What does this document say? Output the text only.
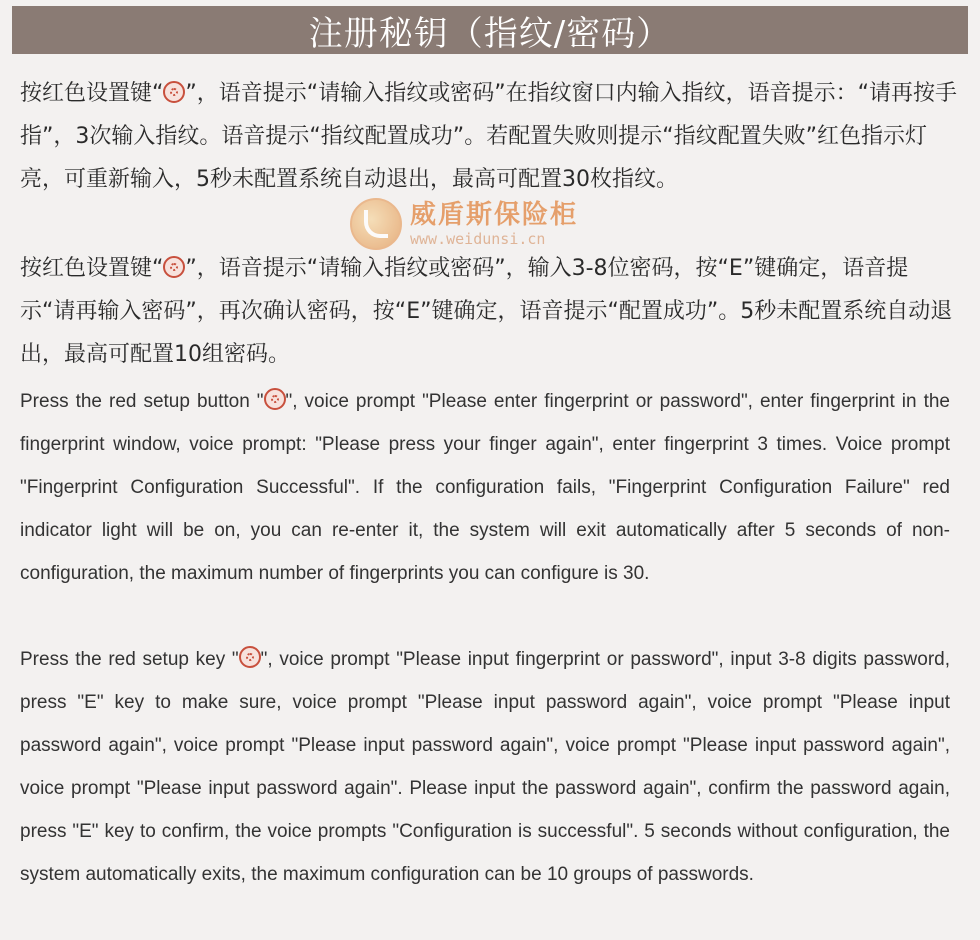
注册秘钥（指纹/密码）
按红色设置键“ ”，语音提示“请输入指纹或密码”在指纹窗口内输入指纹，语音提示：“请再按手指”，3次输入指纹。语音提示“指纹配置成功”。若配置失败则提示“指纹配置失败”红色指示灯亮，可重新输入，5秒未配置系统自动退出，最高可配置30枚指纹。
威盾斯保险柜
www.weidunsi.cn
按红色设置键“ ”，语音提示“请输入指纹或密码”，输入3-8位密码，按“E”键确定，语音提示“请再输入密码”，再次确认密码，按“E”键确定，语音提示“配置成功”。5秒未配置系统自动退出，最高可配置10组密码。
Press the red setup button " ", voice prompt "Please enter fingerprint or password", enter fingerprint in the fingerprint window, voice prompt: "Please press your finger again", enter fingerprint 3 times. Voice prompt "Fingerprint Configuration Successful". If the configuration fails, "Fingerprint Configuration Failure" red indicator light will be on, you can re-enter it, the system will exit automatically after 5 seconds of non-configuration, the maximum number of fingerprints you can configure is 30.
Press the red setup key " ", voice prompt "Please input fingerprint or password", input 3-8 digits password, press "E" key to make sure, voice prompt "Please input password again", voice prompt "Please input password again", voice prompt "Please input password again", voice prompt "Please input password again", voice prompt "Please input password again". Please input the password again", confirm the password again, press "E" key to confirm, the voice prompts "Configuration is successful". 5 seconds without configuration, the system automatically exits, the maximum configuration can be 10 groups of passwords.
